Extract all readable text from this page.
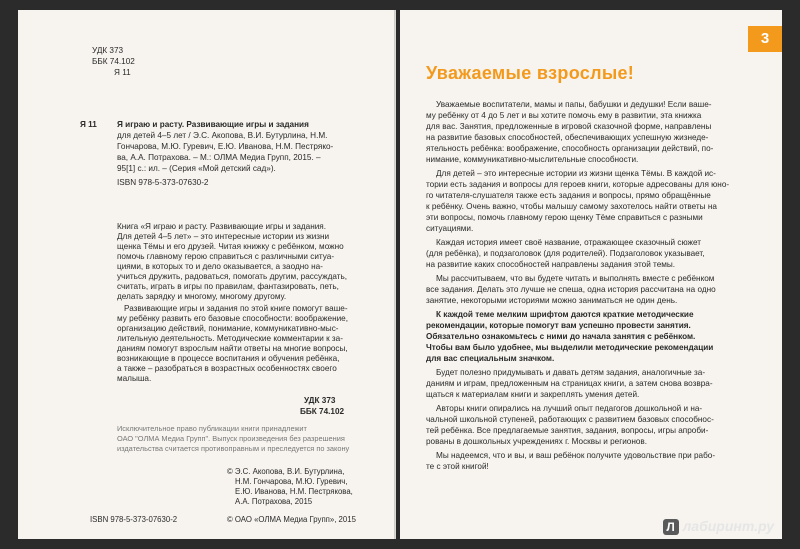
УДК 373
ББК 74.102
Я 11
Я 11 Я играю и расту. Развивающие игры и задания
для детей 4–5 лет / Э.С. Акопова, В.И. Бутурлина, Н.М.
Гончарова, М.Ю. Гуревич, Е.Ю. Иванова, Н.М. Пестряко-
ва, А.А. Потрахова. – М.: ОЛМА Медиа Групп, 2015. –
95[1] с.: ил. – (Серия «Мой детский сад»).
ISBN 978-5-373-07630-2
Книга «Я играю и расту. Развивающие игры и задания.
Для детей 4–5 лет» – это интересные истории из жизни
щенка Тёмы и его друзей. Читая книжку с ребёнком, можно
помочь главному герою справиться с различными ситуа-
циями, в которых то и дело оказывается, а заодно на-
учиться дружить, радоваться, помогать другим, рассуждать,
считать, играть в игры по правилам, фантазировать, петь,
делать зарядку и многому, многому другому.
Развивающие игры и задания по этой книге помогут ваше-
му ребёнку развить его базовые способности: воображение,
организацию действий, понимание, коммуникативно-мыс-
лительную деятельность. Методические комментарии к за-
даниям помогут взрослым найти ответы на многие вопросы,
возникающие в процессе воспитания и обучения ребёнка,
а также – разобраться в возрастных особенностях своего
малыша.
УДК 373
ББК 74.102
Исключительное право публикации книги принадлежит
ОАО "ОЛМА Медиа Групп". Выпуск произведения без разрешения
издательства считается противоправным и преследуется по закону
© Э.С. Акопова, В.И. Бутурлина,
Н.М. Гончарова, М.Ю. Гуревич,
Е.Ю. Иванова, Н.М. Пестрякова,
А.А. Потрахова, 2015
ISBN 978-5-373-07630-2	© ОАО «ОЛМА Медиа Групп», 2015
3
Уважаемые взрослые!
Уважаемые воспитатели, мамы и папы, бабушки и дедушки! Если ваше-
му ребёнку от 4 до 5 лет и вы хотите помочь ему в развитии, эта книжка
для вас. Занятия, предложенные в игровой сказочной форме, направлены
на развитие базовых способностей, обеспечивающих успешную жизнеде-
ятельность ребёнка: воображение, способность организации действий, по-
нимание, коммуникативно-мыслительные способности.
Для детей – это интересные истории из жизни щенка Тёмы. В каждой ис-
тории есть задания и вопросы для героев книги, которые адресованы для юно-
го читателя-слушателя также есть задания и вопросы, прямо обращённые
к ребёнку. Очень важно, чтобы малышу самому захотелось найти ответы на
эти вопросы, помочь главному герою щенку Тёме справиться с разными
ситуациями.
Каждая история имеет своё название, отражающее сказочный сюжет
(для ребёнка), и подзаголовок (для родителей). Подзаголовок указывает,
на развитие каких способностей направлены задания этой темы.
Мы рассчитываем, что вы будете читать и выполнять вместе с ребёнком
все задания. Делать это лучше не спеша, одна история рассчитана на одно
занятие, некоторыми историями можно заниматься не один день.
К каждой теме мелким шрифтом даются краткие методические
рекомендации, которые помогут вам успешно провести занятия.
Обязательно ознакомьтесь с ними до начала занятия с ребёнком.
Чтобы вам было удобнее, мы выделили методические рекомендации
для вас специальным значком.
Будет полезно придумывать и давать детям задания, аналогичные за-
даниям и играм, предложенным на страницах книги, а затем снова возвра-
щаться к материалам книги и закреплять умения детей.
Авторы книги опирались на лучший опыт педагогов дошкольной и на-
чальной школьной ступеней, работающих с развитием базовых способнос-
тей ребёнка. Все предлагаемые занятия, задания, вопросы, игры апроби-
рованы в дошкольных учреждениях г. Москвы и регионов.
Мы надеемся, что и вы, и ваш ребёнок получите удовольствие при рабо-
те с этой книгой!
Л лабиринт.ру
